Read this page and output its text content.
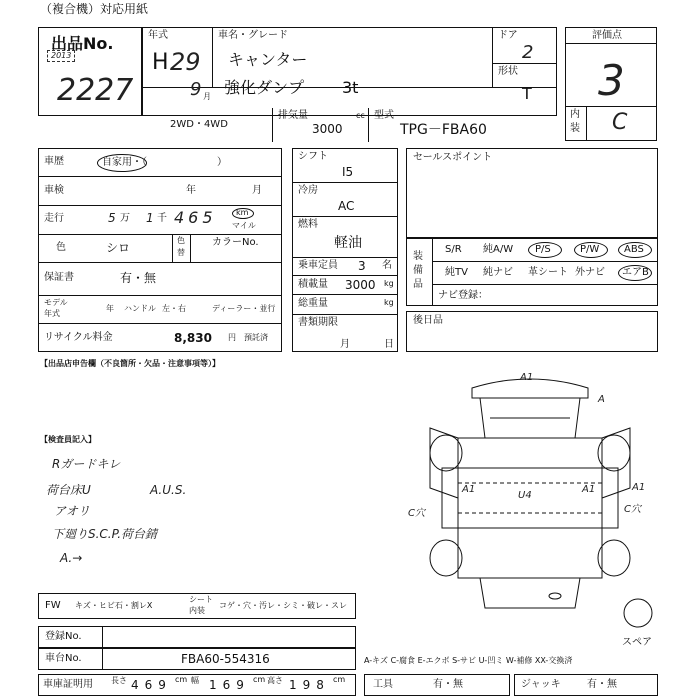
（複合機）対応用紙
出品No.
2013
2227
年式
H 29
9 月
車名・グレード
キャンター
強化ダンプ 3t
ドア
2
形状
T
2WD・4WD
排気量
3000
cc 型式
TPG－FBA60
評価点
3
内
装 C
車歴	自家用・（　　　　　　　）
車検	年	月
走行	5 万 1 千 465 km
マイル
色	シロ
色
替
カラーNo.
保証書	有・無
モデル
年式
年 ハンドル 左・右	ディーラー・並行
リサイクル料金	8,830 円 預託済
シフト
I5
冷房
AC
燃料
軽油
乗車定員 3 名
積載量 3000 kg
総重量	kg
書類期限
月	日
セールスポイント
装
備
品
S/R 純A/W P/S	P/W ABS
純TV 純ナビ 革シート 外ナビ エアB
ナビ登録：
後日品
【出品店申告欄（不良箇所・欠品・注意事項等）】
【検査員記入】
Rガードキレ
荷台床U	A.U.S.
アオリ
下廻りS.C.P.荷台錆
A.→
A1
A
A1
U4
A1	A1
C穴	C穴
スペア
FW キズ・ヒビ石・割レX
シート
内装
コゲ・穴・汚レ・シミ・破レ・スレ
登録No.
車台No.	FBA60-554316	A-キズ C-腐食 E-エクボ S-サビ U-凹ミ W-補修 XX-交換済
車庫証明用 長さ 469 cm 幅 169 cm 高さ 198 cm	工具	有・無	ジャッキ	有・無
